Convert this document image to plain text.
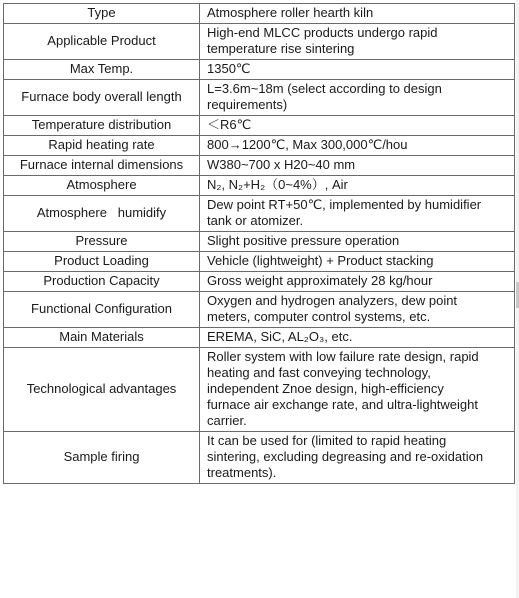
Type	Atmosphere roller hearth kiln
Applicable Product	High-end MLCC products undergo rapid
temperature rise sintering
Max Temp.	1350℃
Furnace body overall length	L=3.6m~18m (select according to design
requirements)
Temperature distribution	＜R6℃
Rapid heating rate	800→1200℃, Max 300,000℃/hou
Furnace internal dimensions	W380~700 x H20~40 mm
Atmosphere	N₂, N₂+H₂（0~4%）, Air
Atmosphere   humidify	Dew point RT+50℃, implemented by humidifier
tank or atomizer.
Pressure	Slight positive pressure operation
Product Loading	Vehicle (lightweight) + Product stacking
Production Capacity	Gross weight approximately 28 kg/hour
Functional Configuration	Oxygen and hydrogen analyzers, dew point
meters, computer control systems, etc.
Main Materials	EREMA, SiC, AL₂O₃, etc.
Technological advantages	Roller system with low failure rate design, rapid
heating and fast conveying technology,
independent Znoe design, high-efficiency
furnace air exchange rate, and ultra-lightweight
carrier.
Sample firing	It can be used for (limited to rapid heating
sintering, excluding degreasing and re-oxidation
treatments).
